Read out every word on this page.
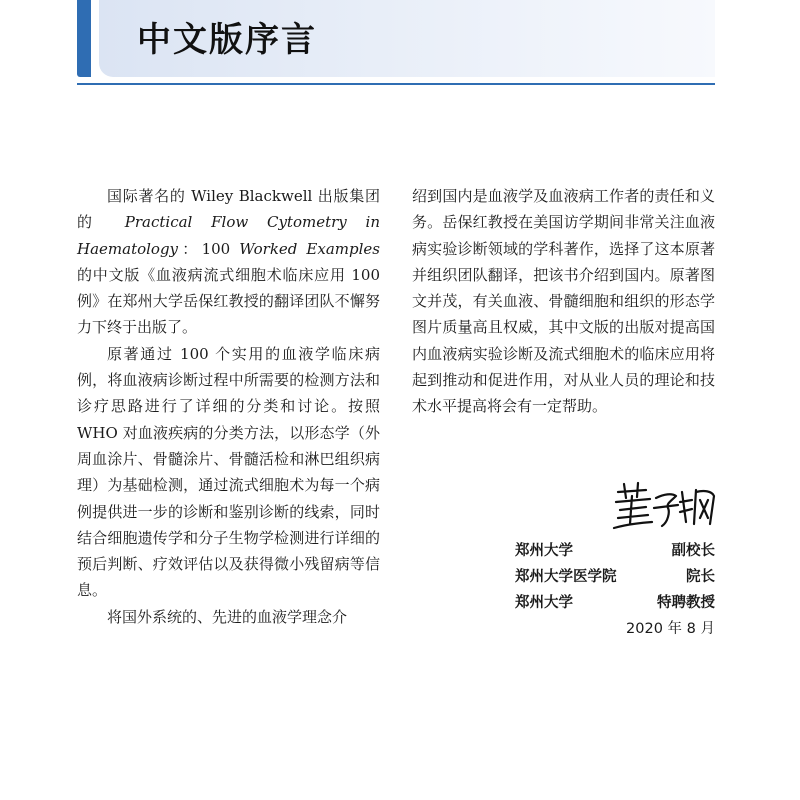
中文版序言

国际著名的 Wiley Blackwell 出版集团的 Practical Flow Cytometry in Haematology：100 Worked Examples 的中文版《血液病流式细胞术临床应用 100 例》在郑州大学岳保红教授的翻译团队不懈努力下终于出版了。

原著通过 100 个实用的血液学临床病例，将血液病诊断过程中所需要的检测方法和诊疗思路进行了详细的分类和讨论。按照 WHO 对血液疾病的分类方法，以形态学（外周血涂片、骨髓涂片、骨髓活检和淋巴组织病理）为基础检测，通过流式细胞术为每一个病例提供进一步的诊断和鉴别诊断的线索，同时结合细胞遗传学和分子生物学检测进行详细的预后判断、疗效评估以及获得微小残留病等信息。

将国外系统的、先进的血液学理念介

绍到国内是血液学及血液病工作者的责任和义务。岳保红教授在美国访学期间非常关注血液病实验诊断领域的学科著作，选择了这本原著并组织团队翻译，把该书介绍到国内。原著图文并茂，有关血液、骨髓细胞和组织的形态学图片质量高且权威，其中文版的出版对提高国内血液病实验诊断及流式细胞术的临床应用将起到推动和促进作用，对从业人员的理论和技术水平提高将会有一定帮助。

郑州大学	副校长
郑州大学医学院	院长
郑州大学	特聘教授
2020 年 8 月
